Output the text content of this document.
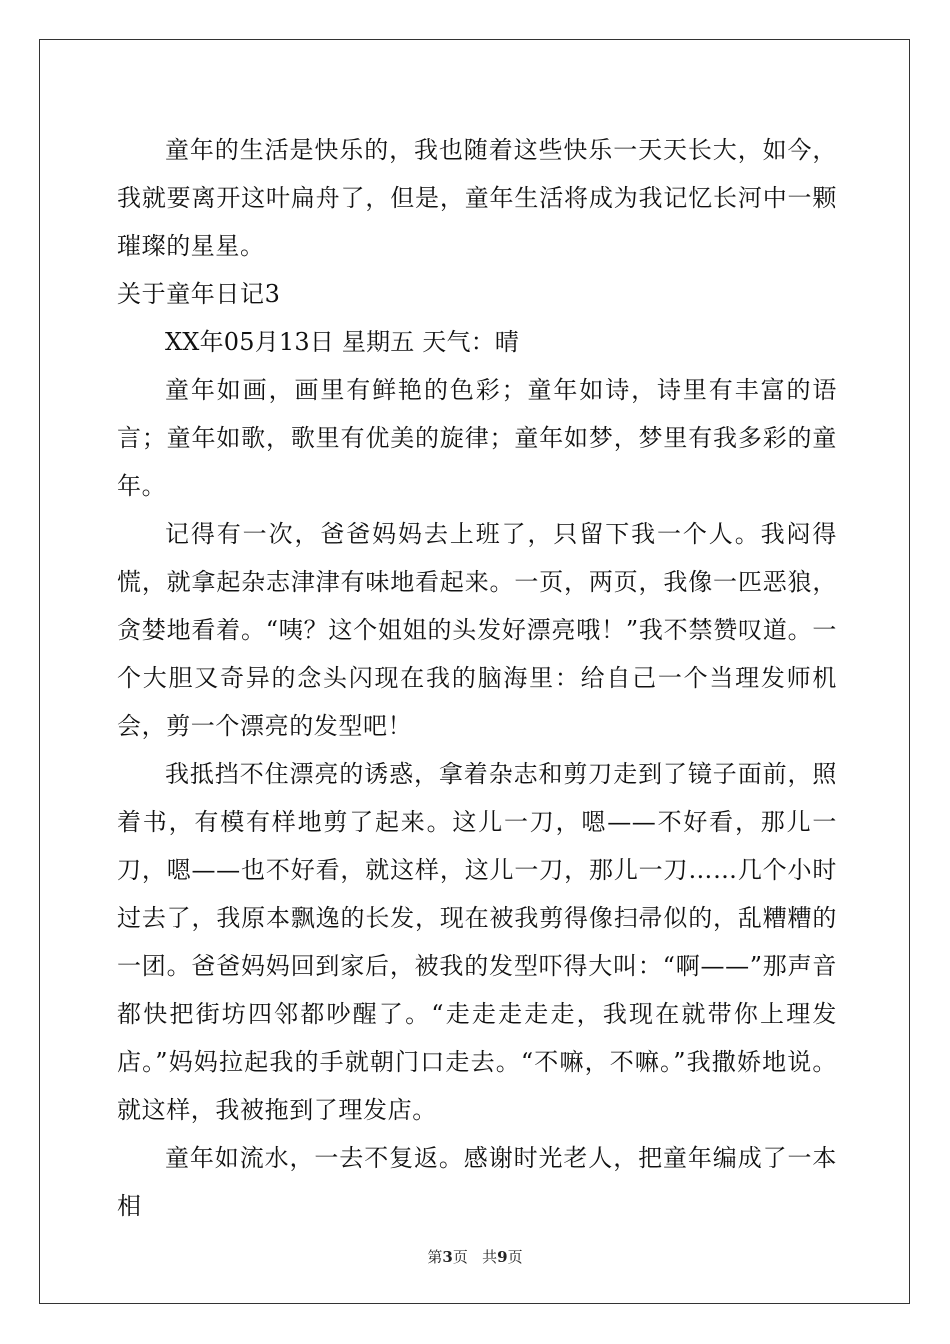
童年的生活是快乐的，我也随着这些快乐一天天长大，如今，我就要离开这叶扁舟了，但是，童年生活将成为我记忆长河中一颗璀璨的星星。

关于童年日记3

XX年05月13日 星期五 天气：晴

童年如画，画里有鲜艳的色彩；童年如诗，诗里有丰富的语言；童年如歌，歌里有优美的旋律；童年如梦，梦里有我多彩的童年。

记得有一次，爸爸妈妈去上班了，只留下我一个人。我闷得慌，就拿起杂志津津有味地看起来。一页，两页，我像一匹恶狼，贪婪地看着。“咦？这个姐姐的头发好漂亮哦！”我不禁赞叹道。一个大胆又奇异的念头闪现在我的脑海里：给自己一个当理发师机会，剪一个漂亮的发型吧！

我抵挡不住漂亮的诱惑，拿着杂志和剪刀走到了镜子面前，照着书，有模有样地剪了起来。这儿一刀，嗯——不好看，那儿一刀，嗯——也不好看，就这样，这儿一刀，那儿一刀……几个小时过去了，我原本飘逸的长发，现在被我剪得像扫帚似的，乱糟糟的一团。爸爸妈妈回到家后，被我的发型吓得大叫：“啊——”那声音都快把街坊四邻都吵醒了。“走走走走走，我现在就带你上理发店。”妈妈拉起我的手就朝门口走去。“不嘛，不嘛。”我撒娇地说。就这样，我被拖到了理发店。

童年如流水，一去不复返。感谢时光老人，把童年编成了一本相

第3页   共9页
